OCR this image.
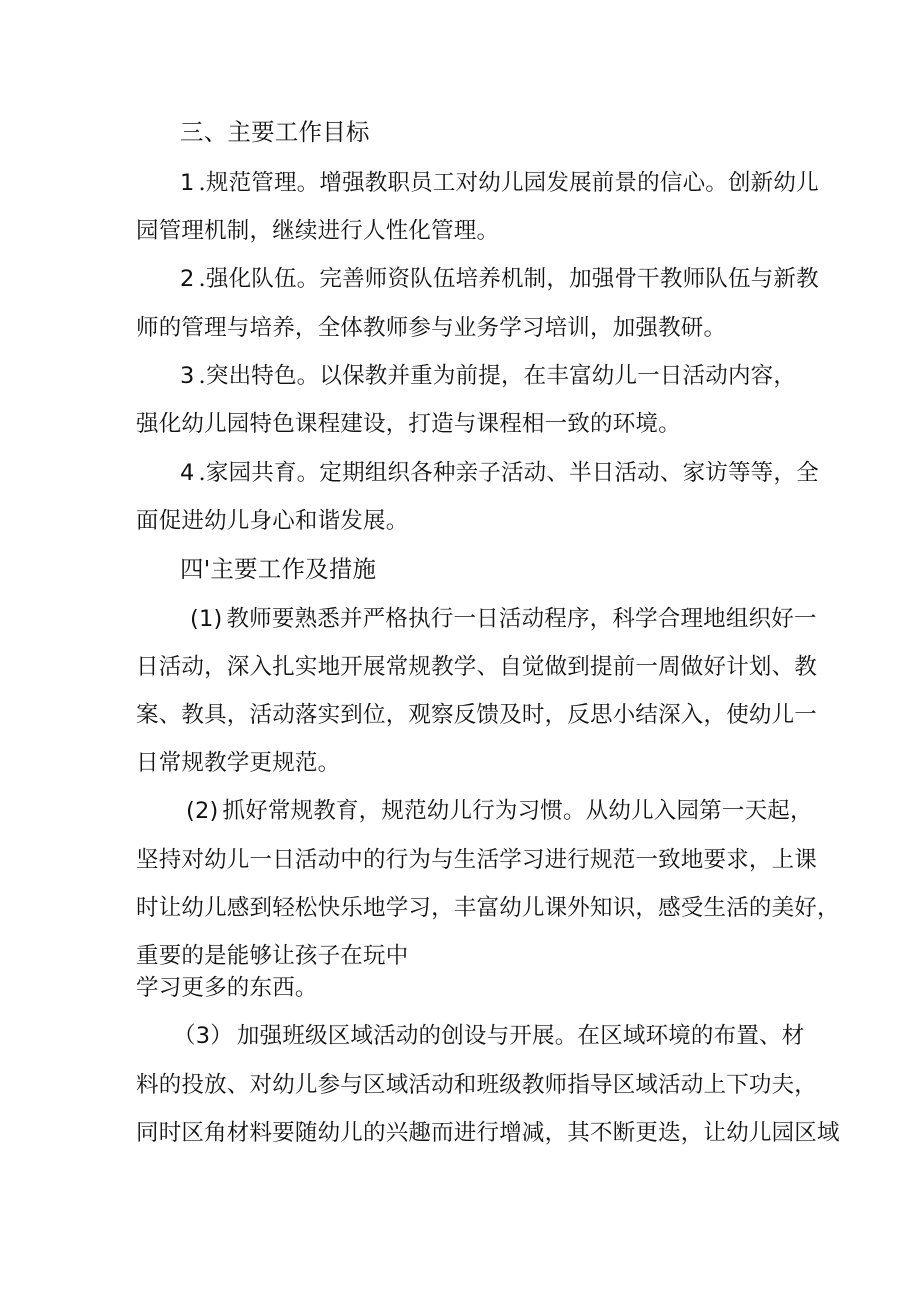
三、主要工作目标
1 .规范管理。增强教职员工对幼儿园发展前景的信心。创新幼儿
园管理机制，继续进行人性化管理。
2 .强化队伍。完善师资队伍培养机制，加强骨干教师队伍与新教
师的管理与培养，全体教师参与业务学习培训，加强教研。
3 .突出特色。以保教并重为前提，在丰富幼儿一日活动内容，
强化幼儿园特色课程建设，打造与课程相一致的环境。
4 .家园共育。定期组织各种亲子活动、半日活动、家访等等，全
面促进幼儿身心和谐发展。
四'主要工作及措施
(1) 教师要熟悉并严格执行一日活动程序，科学合理地组织好一
日活动，深入扎实地开展常规教学、自觉做到提前一周做好计划、教
案、教具，活动落实到位，观察反馈及时，反思小结深入，使幼儿一
日常规教学更规范。
(2) 抓好常规教育，规范幼儿行为习惯。从幼儿入园第一天起，
坚持对幼儿一日活动中的行为与生活学习进行规范一致地要求，上课
时让幼儿感到轻松快乐地学习，丰富幼儿课外知识，感受生活的美好，
重要的是能够让孩子在玩中
学习更多的东西。
（3） 加强班级区域活动的创设与开展。在区域环境的布置、材
料的投放、对幼儿参与区域活动和班级教师指导区域活动上下功夫，
同时区角材料要随幼儿的兴趣而进行增减，其不断更迭，让幼儿园区域
